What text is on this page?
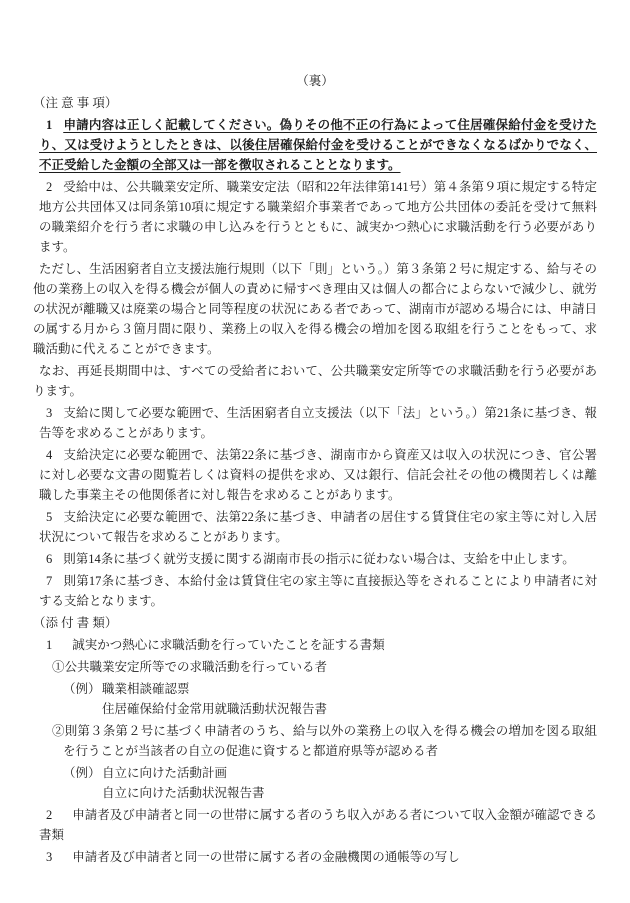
（裏）
（注 意 事 項）
1 申請内容は正しく記載してください。偽りその他不正の行為によって住居確保給付金を受けたり、又は受けようとしたときは、以後住居確保給付金を受けることができなくなるばかりでなく、不正受給した金額の全部又は一部を徴収されることとなります。
2 受給中は、公共職業安定所、職業安定法（昭和22年法律第141号）第４条第９項に規定する特定地方公共団体又は同条第10項に規定する職業紹介事業者であって地方公共団体の委託を受けて無料の職業紹介を行う者に求職の申し込みを行うとともに、誠実かつ熱心に求職活動を行う必要があります。
ただし、生活困窮者自立支援法施行規則（以下「則」という。）第３条第２号に規定する、給与その他の業務上の収入を得る機会が個人の責めに帰すべき理由又は個人の都合によらないで減少し、就労の状況が離職又は廃業の場合と同等程度の状況にある者であって、湖南市が認める場合には、申請日の属する月から３箇月間に限り、業務上の収入を得る機会の増加を図る取組を行うことをもって、求職活動に代えることができます。
なお、再延長期間中は、すべての受給者において、公共職業安定所等での求職活動を行う必要があります。
3 支給に関して必要な範囲で、生活困窮者自立支援法（以下「法」という。）第21条に基づき、報告等を求めることがあります。
4 支給決定に必要な範囲で、法第22条に基づき、湖南市から資産又は収入の状況につき、官公署に対し必要な文書の閲覧若しくは資料の提供を求め、又は銀行、信託会社その他の機関若しくは離職した事業主その他関係者に対し報告を求めることがあります。
5 支給決定に必要な範囲で、法第22条に基づき、申請者の居住する賃貸住宅の家主等に対し入居状況について報告を求めることがあります。
6 則第14条に基づく就労支援に関する湖南市長の指示に従わない場合は、支給を中止します。
7 則第17条に基づき、本給付金は賃貸住宅の家主等に直接振込等をされることにより申請者に対する支給となります。
（添 付 書 類）
1 誠実かつ熱心に求職活動を行っていたことを証する書類
①公共職業安定所等での求職活動を行っている者
（例） 職業相談確認票
住居確保給付金常用就職活動状況報告書
②則第３条第２号に基づく申請者のうち、給与以外の業務上の収入を得る機会の増加を図る取組を行うことが当該者の自立の促進に資すると都道府県等が認める者
（例） 自立に向けた活動計画
自立に向けた活動状況報告書
2 申請者及び申請者と同一の世帯に属する者のうち収入がある者について収入金額が確認できる書類
3 申請者及び申請者と同一の世帯に属する者の金融機関の通帳等の写し
